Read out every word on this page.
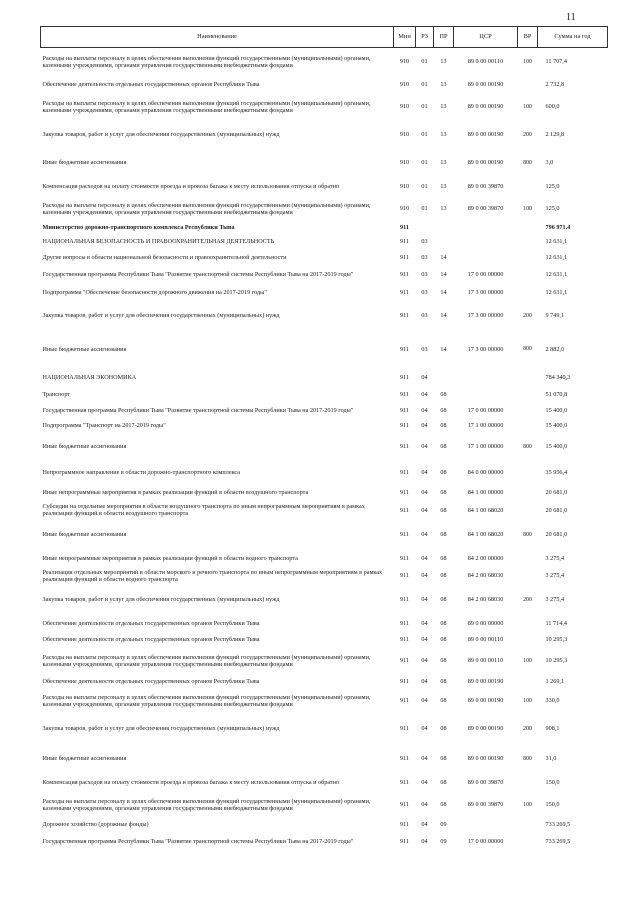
11
Наименование	Мин	РЗ	ПР	ЦСР	ВР	Сумма на год
Расходы на выплаты персоналу в целях обеспечения выполнения функций государственными (муниципальными) органами, казенными учреждениями, органами управления государственными внебюджетными фондами	910	01	13	89 0 00 00110	100	11 707,4
Обеспечение деятельности отдельных государственных органов Республики Тыва	910	01	13	89 0 00 00190		2 732,8
Расходы на выплаты персоналу в целях обеспечения выполнения функций государственными (муниципальными) органами, казенными учреждениями, органами управления государственными внебюджетными фондами	910	01	13	89 0 00 00190	100	600,0
Закупка товаров, работ и услуг для обеспечения государственных (муниципальных) нужд	910	01	13	89 0 00 00190	200	2 129,8
Иные бюджетные ассигнования	910	01	13	89 0 00 00190	800	3,0
Компенсация расходов на оплату стоимости проезда и провоза багажа к месту использования отпуска и обратно	910	01	13	89 0 00 39870		125,0
Расходы на выплаты персоналу в целях обеспечения выполнения функций государственными (муниципальными) органами, казенными учреждениями, органами управления государственными внебюджетными фондами	910	01	13	89 0 00 39870	100	125,0
Министерство дорожно-транспортного комплекса Республики Тыва	911					796 971,4
НАЦИОНАЛЬНАЯ БЕЗОПАСНОСТЬ И ПРАВООХРАНИТЕЛЬНАЯ ДЕЯТЕЛЬНОСТЬ	911	03				12 631,1
Другие вопросы в области национальной безопасности и правоохранительной деятельности	911	03	14			12 631,1
Государственная программа Республики Тыва "Развитие транспортной системы Республики Тыва на 2017-2019 годы"	911	03	14	17 0 00 00000		12 631,1
Подпрограмма "Обеспечение безопасности дорожного движения на 2017-2019 годы"	911	03	14	17 3 00 00000		12 631,1
Закупка товаров, работ и услуг для обеспечения государственных (муниципальных) нужд	911	03	14	17 3 00 00000	200	9 749,1
Иные бюджетные ассигнования	911	03	14	17 3 00 00000	800	2 882,0
НАЦИОНАЛЬНАЯ ЭКОНОМИКА	911	04				784 340,3
Транспорт	911	04	08			51 070,8
Государственная программа Республики Тыва "Развитие транспортной системы Республики Тыва на 2017-2019 годы"	911	04	08	17 0 00 00000		15 400,0
Подпрограмма "Транспорт на 2017-2019 годы"	911	04	08	17 1 00 00000		15 400,0
Иные бюджетные ассигнования	911	04	08	17 1 00 00000	800	15 400,0
Непрограммное направление в области дорожно-транспортного комплекса	911	04	08	84 0 00 00000		35 956,4
Иные непрограммные мероприятия в рамках реализации функций в области воздушного транспорта	911	04	08	84 1 00 00000		20 681,0
Субсидии на отдельные мероприятия в области воздушного транспорта по иным непрограммным мероприятиям в рамках реализации функций в области воздушного транспорта	911	04	08	84 1 00 68020		20 681,0
Иные бюджетные ассигнования	911	04	08	84 1 00 68020	800	20 681,0
Иные непрограммные мероприятия в рамках реализации функций в области водного транспорта	911	04	08	84 2 00 00000		3 275,4
Реализация отдельных мероприятий в области морского и речного транспорта по иным непрограммным мероприятиям в рамках реализации функций в области водного транспорта	911	04	08	84 2 00 68030		3 275,4
Закупка товаров, работ и услуг для обеспечения государственных (муниципальных) нужд	911	04	08	84 2 00 68030	200	3 275,4
Обеспечение деятельности отдельных государственных органов Республики Тыва	911	04	08	89 0 00 00000		11 714,4
Обеспечение деятельности отдельных государственных органов Республики Тыва	911	04	08	89 0 00 00110		10 295,3
Расходы на выплаты персоналу в целях обеспечения выполнения функций государственными (муниципальными) органами, казенными учреждениями, органами управления государственными внебюджетными фондами	911	04	08	89 0 00 00110	100	10 295,3
Обеспечение деятельности отдельных государственных органов Республики Тыва	911	04	08	89 0 00 00190		1 269,1
Расходы на выплаты персоналу в целях обеспечения выполнения функций государственными (муниципальными) органами, казенными учреждениями, органами управления государственными внебюджетными фондами	911	04	08	89 0 00 00190	100	330,0
Закупка товаров, работ и услуг для обеспечения государственных (муниципальных) нужд	911	04	08	89 0 00 00190	200	908,1
Иные бюджетные ассигнования	911	04	08	89 0 00 00190	800	31,0
Компенсация расходов на оплату стоимости проезда и провоза багажа к месту использования отпуска и обратно	911	04	08	89 0 00 39870		150,0
Расходы на выплаты персоналу в целях обеспечения выполнения функций государственными (муниципальными) органами, казенными учреждениями, органами управления государственными внебюджетными фондами	911	04	08	89 0 00 39870	100	150,0
Дорожное хозяйство (дорожные фонды)	911	04	09			733 269,5
Государственная программа Республики Тыва "Развитие транспортной системы Республики Тыва на 2017-2019 годы"	911	04	09	17 0 00 00000		733 269,5
